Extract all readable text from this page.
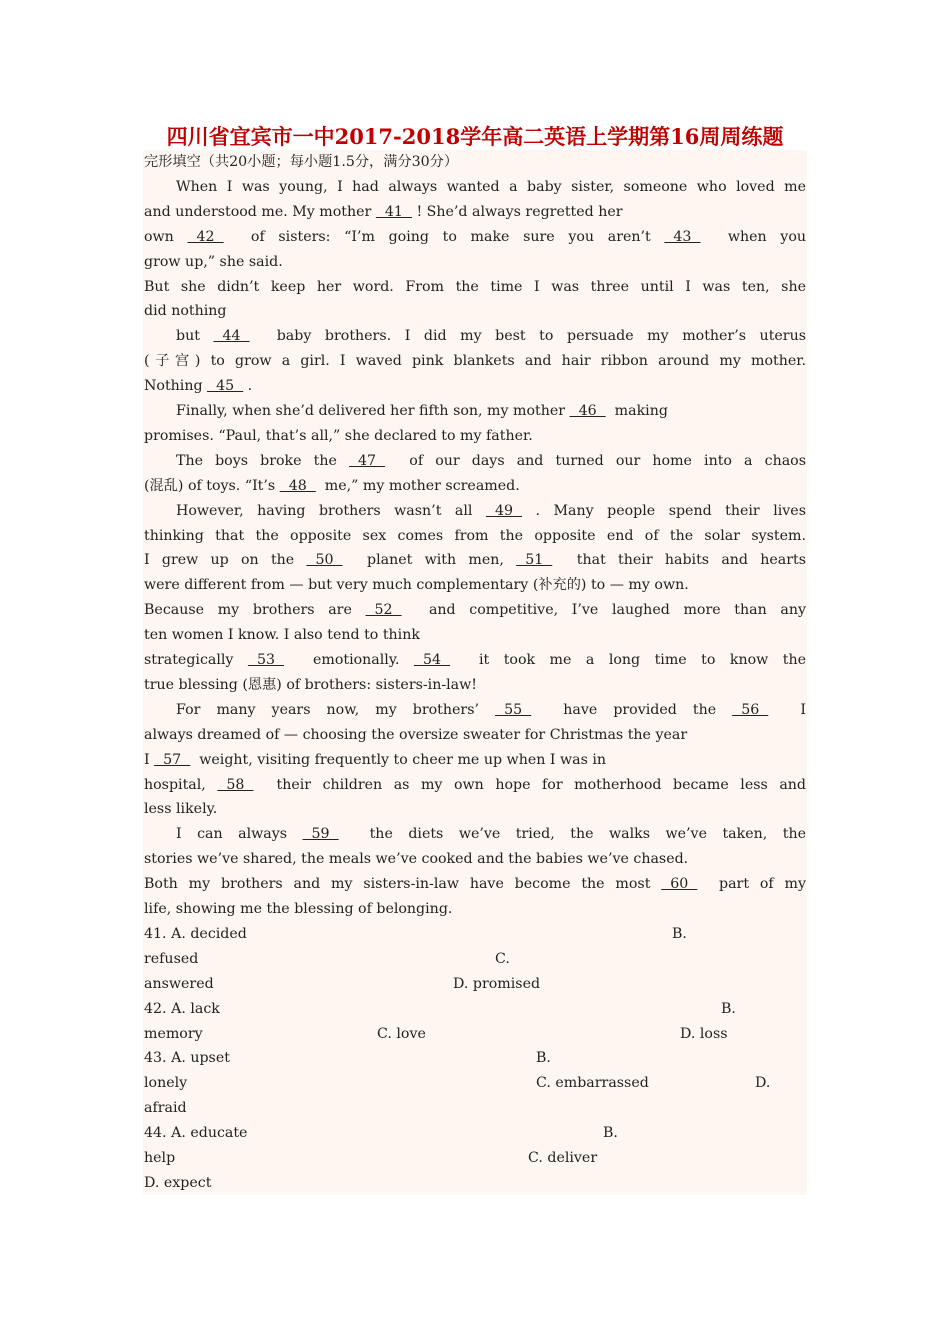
四川省宜宾市一中2017-2018学年高二英语上学期第16周周练题
完形填空（共20小题；每小题1.5分，满分30分）
When I was young, I had always wanted a baby sister, someone who loved me
and understood me. My mother   41   ! She’d always regretted her
own   42    of sisters: “I’m going to make sure you aren’t   43    when you
grow up,” she said.
But she didn’t keep her word. From the time I was three until I was ten, she
did nothing
but   44    baby brothers. I did my best to persuade my mother’s uterus
(子宫) to grow a girl. I waved pink blankets and hair ribbon around my mother.
Nothing   45   .
Finally, when she’d delivered her fifth son, my mother   46    making
promises. “Paul, that’s all,” she declared to my father.
The boys broke the   47    of our days and turned our home into a chaos
(混乱) of toys. “It’s   48    me,” my mother screamed.
However, having brothers wasn’t all   49   . Many people spend their lives
thinking that the opposite sex comes from the opposite end of the solar system.
I grew up on the   50    planet with men,   51    that their habits and hearts
were different from — but very much complementary (补充的) to — my own.
Because my brothers are   52    and competitive, I’ve laughed more than any
ten women I know. I also tend to think
strategically   53    emotionally.   54    it took me a long time to know the
true blessing (恩惠) of brothers: sisters-in-law!
For many years now, my brothers’   55    have provided the   56    I
always dreamed of — choosing the oversize sweater for Christmas the year
I   57    weight, visiting frequently to cheer me up when I was in
hospital,   58    their children as my own hope for motherhood became less and
less likely.
I can always   59    the diets we’ve tried, the walks we’ve taken, the
stories we’ve shared, the meals we’ve cooked and the babies we’ve chased.
Both my brothers and my sisters-in-law have become the most   60    part of my
life, showing me the blessing of belonging.
41. A. decided	B.
refused	C.
answered	D. promised
42. A. lack	B.
memory	C. love	D. loss
43. A. upset	B.
lonely	C. embarrassed	D.
afraid
44. A. educate	B.
help	C. deliver
D. expect
